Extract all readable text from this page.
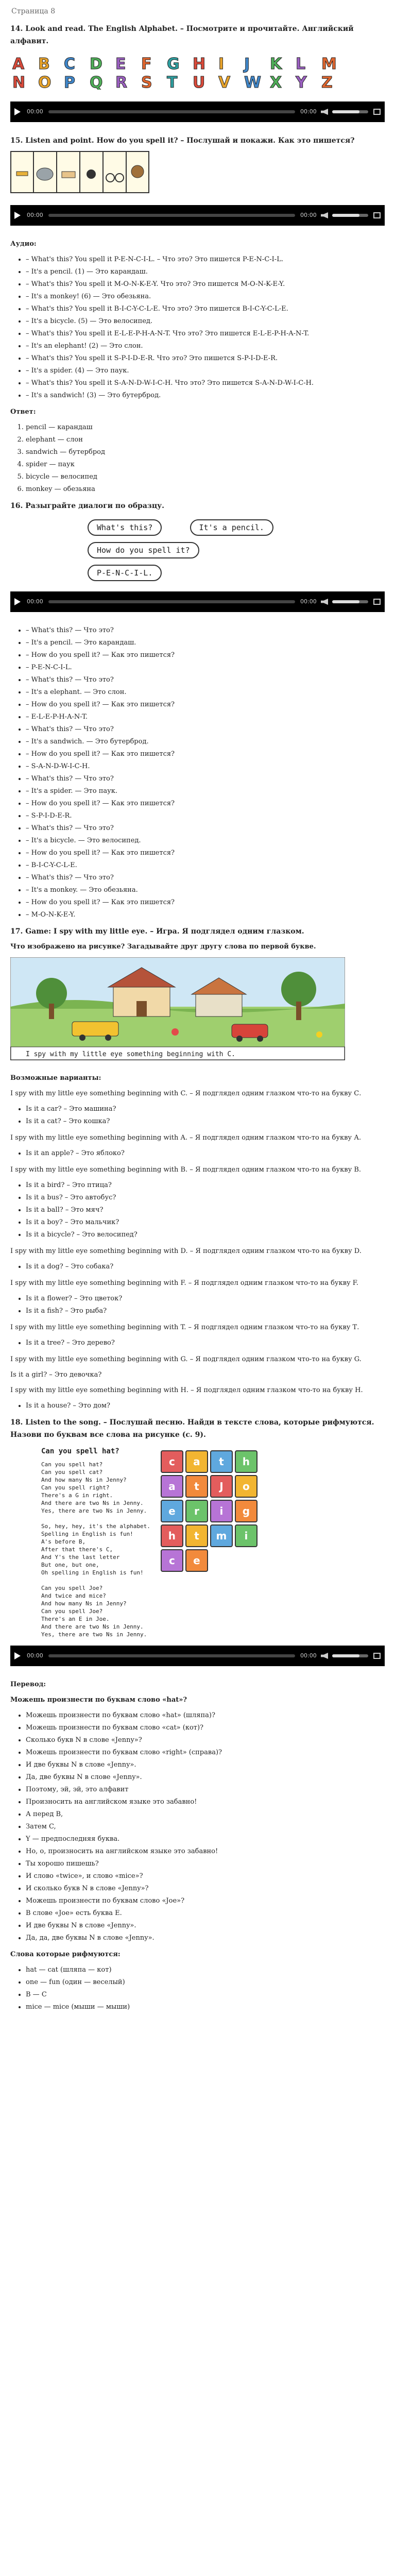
Страница 8
14. Look and read. The English Alphabet. – Посмотрите и прочитайте. Английский алфавит.
A B C D E F G H I J K L M
N O P Q R S T U V W X Y Z
00:00	00:00
15. Listen and point. How do you spell it? – Послушай и покажи. Как это пишется?
00:00	00:00

Аудио:

• – What's this? You spell it P-E-N-C-I-L. – Что это? Это пишется P-E-N-C-I-L.
• – It's a pencil. (1) — Это карандаш.
• – What's this? You spell it M-O-N-K-E-Y. Что это? Это пишется M-O-N-K-E-Y.
• – It's a monkey! (6) — Это обезьяна.
• – What's this? You spell it B-I-C-Y-C-L-E. Что это? Это пишется B-I-C-Y-C-L-E.
• – It's a bicycle. (5) — Это велосипед.
• – What's this? You spell it E-L-E-P-H-A-N-T. Что это? Это пишется E-L-E-P-H-A-N-T.
• – It's an elephant! (2) — Это слон.
• – What's this? You spell it S-P-I-D-E-R. Что это? Это пишется S-P-I-D-E-R.
• – It's a spider. (4) — Это паук.
• – What's this? You spell it S-A-N-D-W-I-C-H. Что это? Это пишется S-A-N-D-W-I-C-H.
• – It's a sandwich! (3) — Это бутерброд.

Ответ:

1. pencil — карандаш
2. elephant — слон
3. sandwich — бутерброд
4. spider — паук
5. bicycle — велосипед
6. monkey — обезьяна
16. Разыграйте диалоги по образцу.
What's this?	It's a pencil.
How do you spell it? P-E-N-C-I-L.
00:00	00:00
• – What's this? — Что это?
• – It's a pencil. — Это карандаш.
• – How do you spell it? — Как это пишется?
• – P-E-N-C-I-L.
• – What's this? — Что это?
• – It's a elephant. — Это слон.
• – How do you spell it? — Как это пишется?
• – E-L-E-P-H-A-N-T.
• – What's this? — Что это?
• – It's a sandwich. — Это бутерброд.
• – How do you spell it? — Как это пишется?
• – S-A-N-D-W-I-C-H.
• – What's this? — Что это?
• – It's a spider. — Это паук.
• – How do you spell it? — Как это пишется?
• – S-P-I-D-E-R.
• – What's this? — Что это?
• – It's a bicycle. — Это велосипед.
• – How do you spell it? — Как это пишется?
• – B-I-C-Y-C-L-E.
• – What's this? — Что это?
• – It's a monkey. — Это обезьяна.
• – How do you spell it? — Как это пишется?
• – M-O-N-K-E-Y.
17. Game: I spy with my little eye. – Игра. Я подглядел одним глазком.

Что изображено на рисунке? Загадывайте друг другу слова по первой букве.

I spy with my little eye something beginning with C.

Возможные варианты:

I spy with my little eye something beginning with C. – Я подглядел одним глазком что-то на букву С.

• Is it a car? – Это машина?
• Is it a cat? – Это кошка?

I spy with my little eye something beginning with A. – Я подглядел одним глазком что-то на букву А.

• Is it an apple? – Это яблоко?

I spy with my little eye something beginning with B. – Я подглядел одним глазком что-то на букву В.

• Is it a bird? – Это птица?
• Is it a bus? – Это автобус?
• Is it a ball? – Это мяч?
• Is it a boy? – Это мальчик?
• Is it a bicycle? – Это велосипед?

I spy with my little eye something beginning with D. – Я подглядел одним глазком что-то на букву D.

• Is it a dog? – Это собака?

I spy with my little eye something beginning with F. – Я подглядел одним глазком что-то на букву F.

• Is it a flower? – Это цветок?
• Is it a fish? – Это рыба?

I spy with my little eye something beginning with T. – Я подглядел одним глазком что-то на букву Т.

• Is it a tree? – Это дерево?

I spy with my little eye something beginning with G. – Я подглядел одним глазком что-то на букву G.

Is it a girl? – Это девочка?

I spy with my little eye something beginning with H. – Я подглядел одним глазком что-то на букву Н.

• Is it a house? – Это дом?
18. Listen to the song. – Послушай песню. Найди в тексте слова, которые рифмуются. Назови по буквам все слова на рисунке (с. 9).
Can you spell hat?
Can you spell hat?
Can you spell cat?
And how many Ns in Jenny?
Can you spell right?
There's a G in right.
And there are two Ns in Jenny.
Yes, there are two Ns in Jenny.

So, hey, hey, it's the alphabet.
Spelling in English is fun!
A's before B,
After that there's C,
And Y's the last letter
But one, but one,
Oh spelling in English is fun!

Can you spell Joe?
And twice and mice?
And how many Ns in Jenny?
Can you spell Joe?
There's an E in Joe.
And there are two Ns in Jenny.
Yes, there are two Ns in Jenny.
c	a	t	h
a	t	J	o
e	r	i	g
h	t	m	i
c	e
00:00	00:00

Перевод:

Можешь произнести по буквам слово «hat»?

• Можешь произнести по буквам слово «hat» (шляпа)?
• Можешь произнести по буквам слово «cat» (кот)?
• Сколько букв N в слове «Jenny»?
• Можешь произнести по буквам слово «right» (справа)?
• И две буквы N в слове «Jenny».
• Да, две буквы N в слове «Jenny».
• Поэтому, эй, эй, это алфавит
• Произносить на английском языке это забавно!
• А перед B,
• Затем C,
• Y — предпоследняя буква.
• Но, о, произносить на английском языке это забавно!
• Ты хорошо пишешь?
• И слово «twice», и слово «mice»?
• И сколько букв N в слове «Jenny»?
• Можешь произнести по буквам слово «Joe»?
• В слове «Joe» есть буква Е.
• И две буквы N в слове «Jenny».
• Да, да, две буквы N в слове «Jenny».

Слова которые рифмуются:

• hat — cat (шляпа — кот)
• one — fun (один — веселый)
• B — C
• mice — mice (мыши — мыши)
